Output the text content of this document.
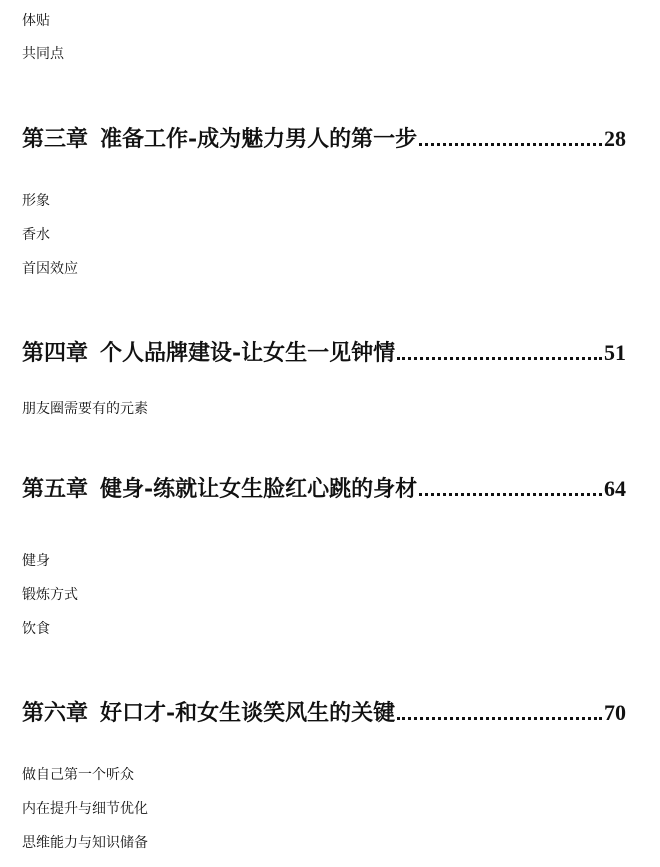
体贴
共同点
第三章 准备工作-成为魅力男人的第一步	28
形象
香水
首因效应
第四章 个人品牌建设-让女生一见钟情	51
朋友圈需要有的元素
第五章 健身-练就让女生脸红心跳的身材	64
健身
锻炼方式
饮食
第六章 好口才-和女生谈笑风生的关键	70
做自己第一个听众
内在提升与细节优化
思维能力与知识储备
